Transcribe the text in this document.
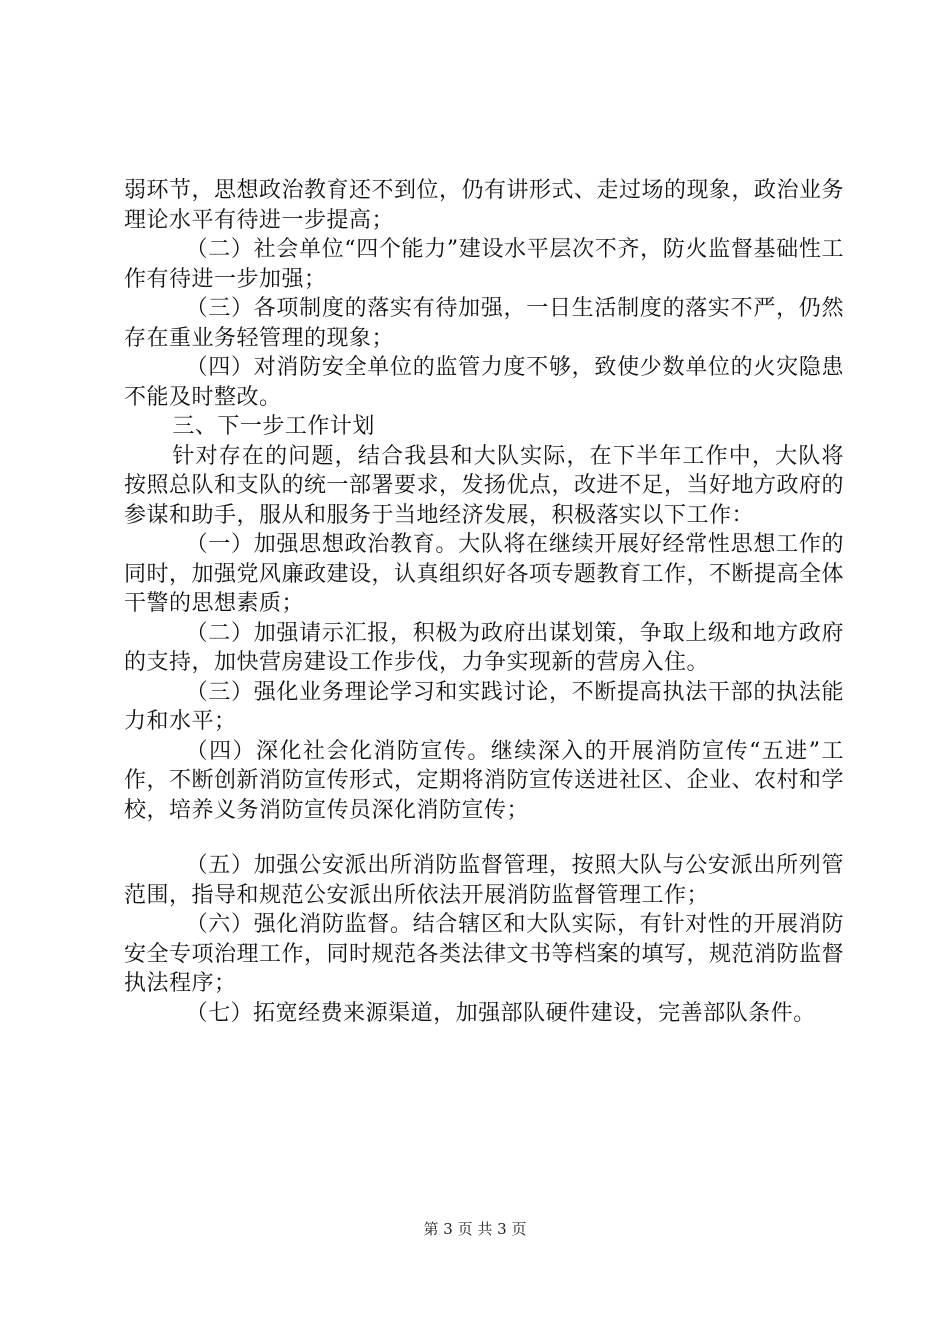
弱环节，思想政治教育还不到位，仍有讲形式、走过场的现象，政治业务理论水平有待进一步提高；

（二）社会单位“四个能力”建设水平层次不齐，防火监督基础性工作有待进一步加强；

（三）各项制度的落实有待加强，一日生活制度的落实不严，仍然存在重业务轻管理的现象；

（四）对消防安全单位的监管力度不够，致使少数单位的火灾隐患不能及时整改。

三、下一步工作计划

针对存在的问题，结合我县和大队实际，在下半年工作中，大队将按照总队和支队的统一部署要求，发扬优点，改进不足，当好地方政府的参谋和助手，服从和服务于当地经济发展，积极落实以下工作：

（一）加强思想政治教育。大队将在继续开展好经常性思想工作的同时，加强党风廉政建设，认真组织好各项专题教育工作，不断提高全体干警的思想素质；

（二）加强请示汇报，积极为政府出谋划策，争取上级和地方政府的支持，加快营房建设工作步伐，力争实现新的营房入住。

（三）强化业务理论学习和实践讨论，不断提高执法干部的执法能力和水平；

（四）深化社会化消防宣传。继续深入的开展消防宣传“五进”工作，不断创新消防宣传形式，定期将消防宣传送进社区、企业、农村和学校，培养义务消防宣传员深化消防宣传；

（五）加强公安派出所消防监督管理，按照大队与公安派出所列管范围，指导和规范公安派出所依法开展消防监督管理工作；

（六）强化消防监督。结合辖区和大队实际，有针对性的开展消防安全专项治理工作，同时规范各类法律文书等档案的填写，规范消防监督执法程序；

（七）拓宽经费来源渠道，加强部队硬件建设，完善部队条件。

第 3 页 共 3 页
